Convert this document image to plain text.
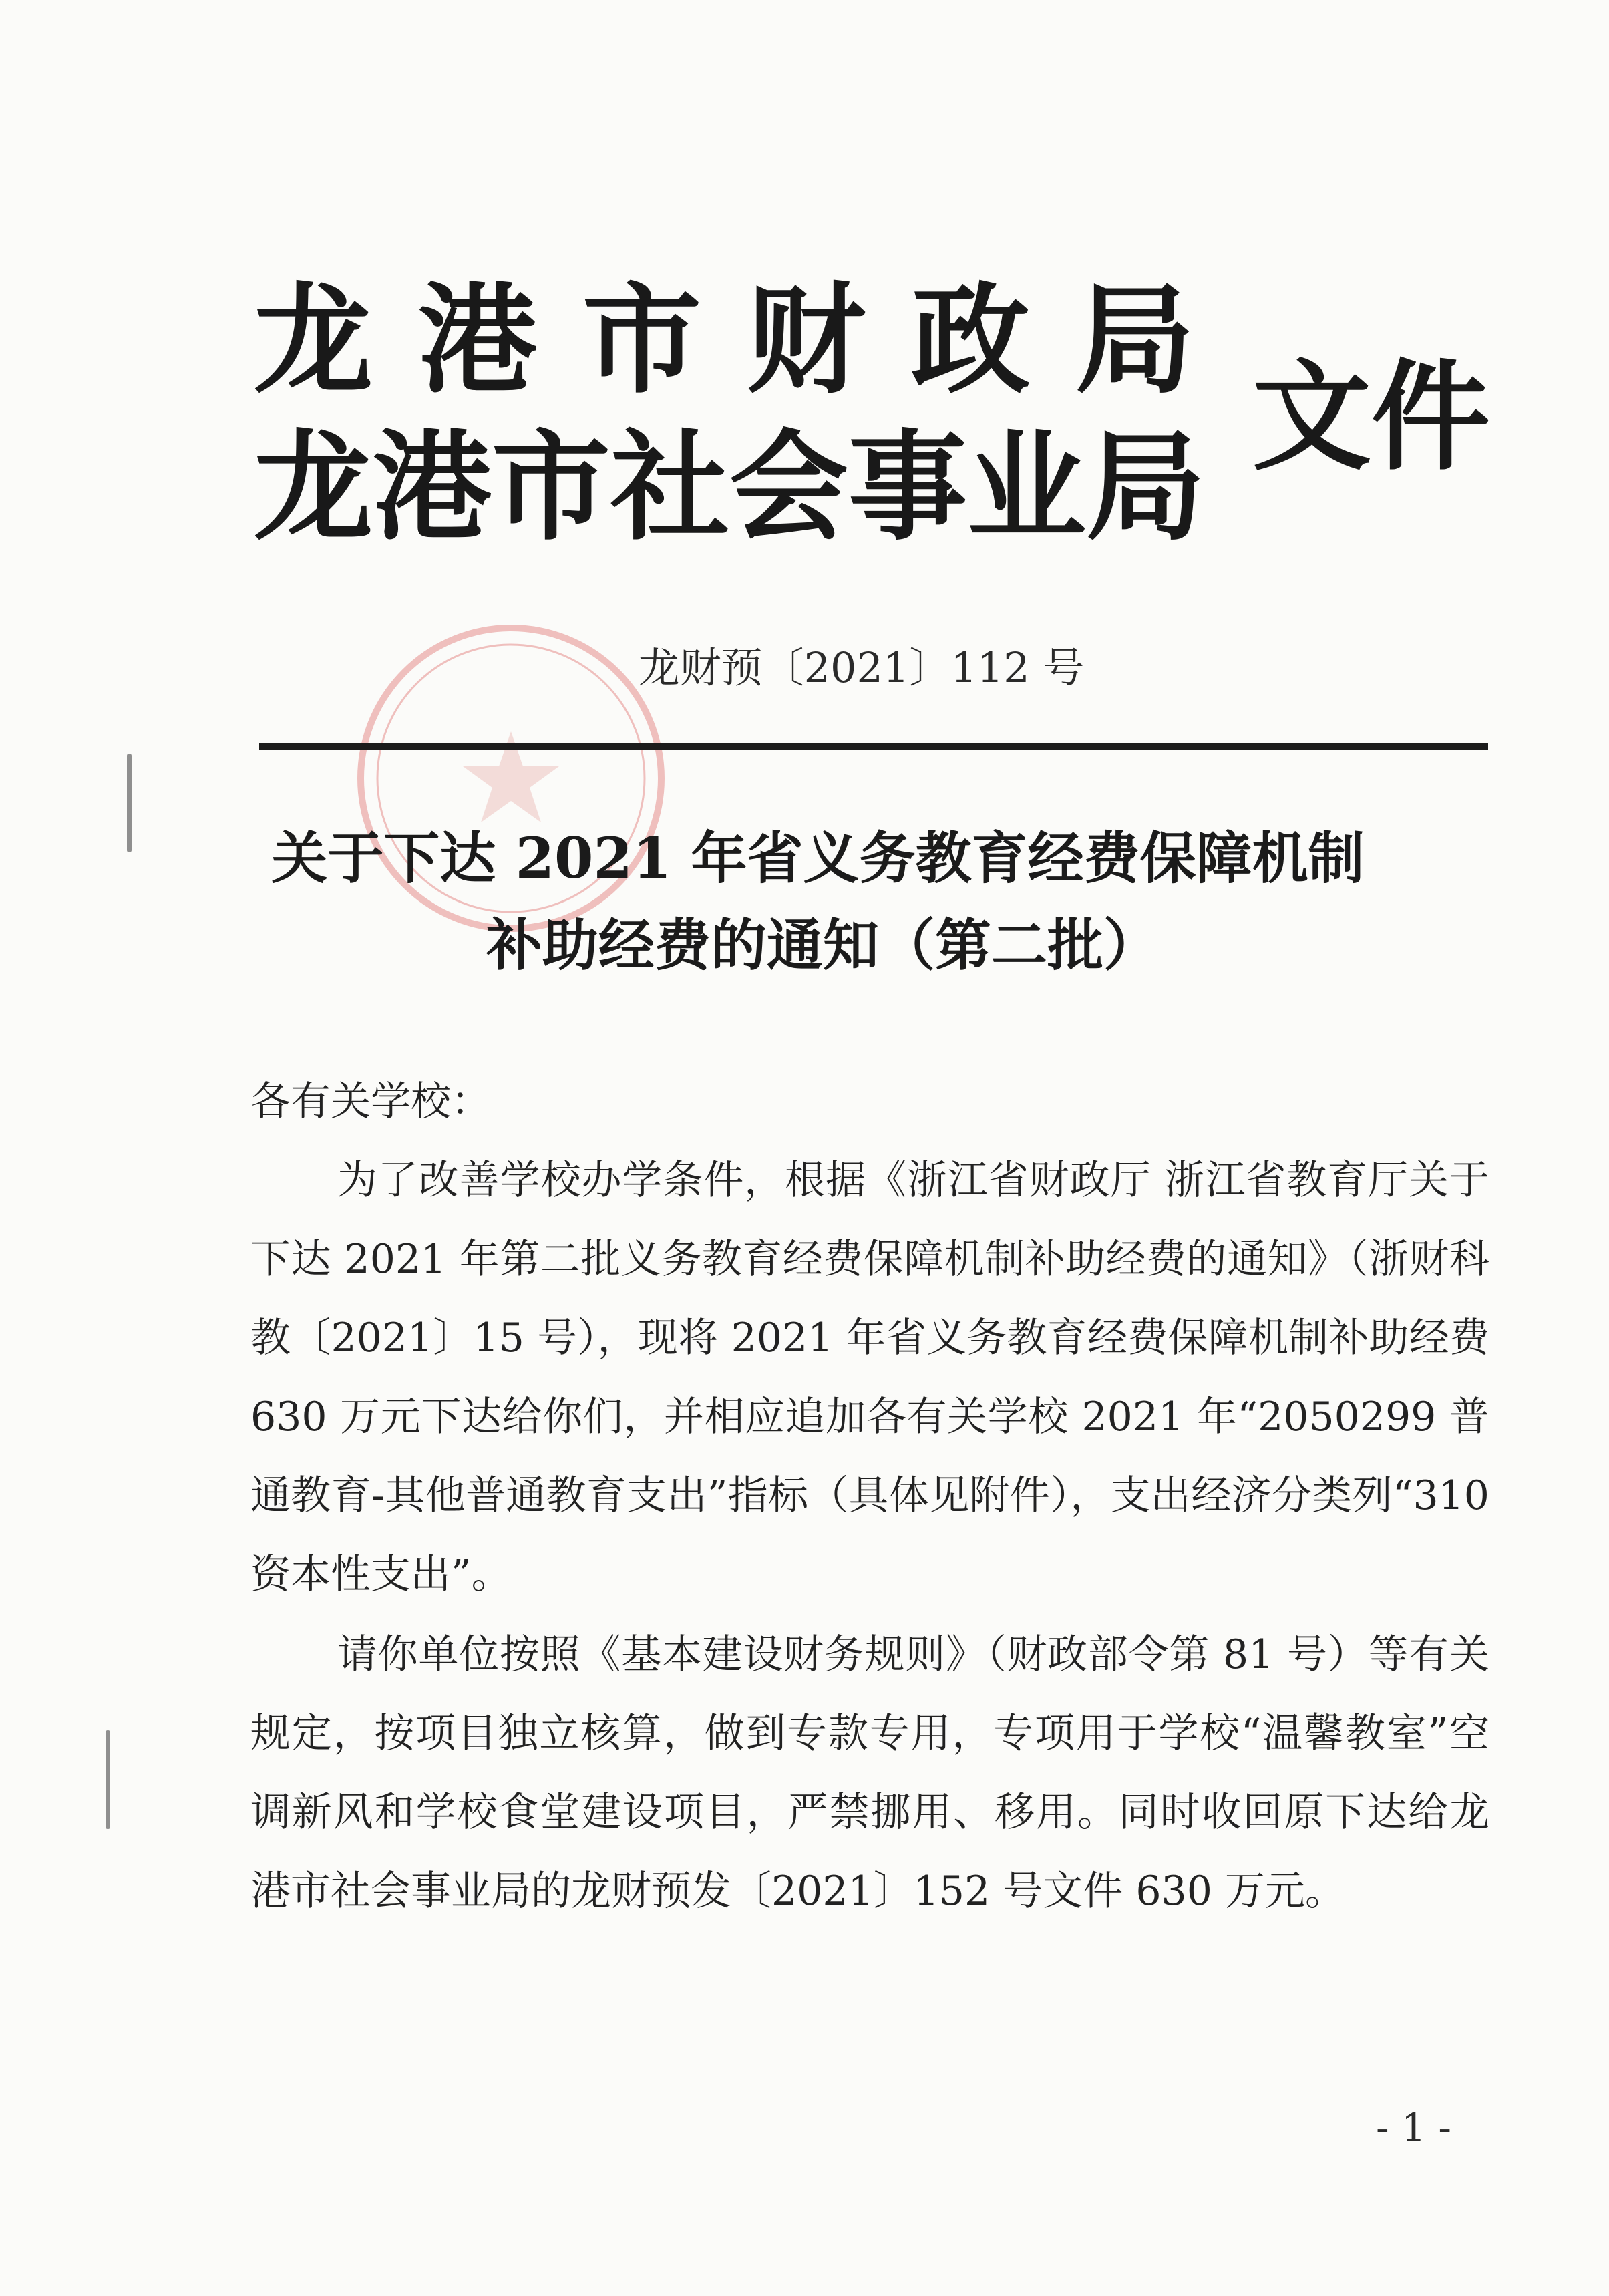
龙港市财政局
龙港市社会事业局
文件
龙财预〔2021〕112 号
关于下达 2021 年省义务教育经费保障机制
补助经费的通知（第二批）
各有关学校：
为了改善学校办学条件，根据《浙江省财政厅 浙江省教育厅关于下达 2021 年第二批义务教育经费保障机制补助经费的通知》（浙财科教〔2021〕15 号），现将 2021 年省义务教育经费保障机制补助经费 630 万元下达给你们，并相应追加各有关学校 2021 年“2050299 普通教育-其他普通教育支出”指标（具体见附件），支出经济分类列“310 资本性支出”。
请你单位按照《基本建设财务规则》（财政部令第 81 号）等有关规定，按项目独立核算，做到专款专用，专项用于学校“温馨教室”空调新风和学校食堂建设项目，严禁挪用、移用。同时收回原下达给龙港市社会事业局的龙财预发〔2021〕152 号文件 630 万元。
- 1 -
